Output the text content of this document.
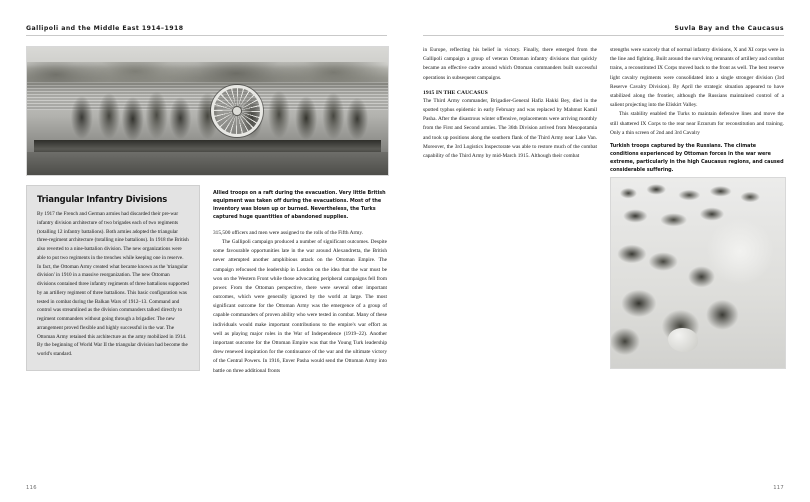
Gallipoli and the Middle East 1914–1918
Triangular Infantry Divisions

By 1917 the French and German armies had discarded their pre-war infantry division architecture of two brigades each of two regiments (totalling 12 infantry battalions). Both armies adopted the triangular three-regiment architecture (totalling nine battalions). In 1918 the British also reverted to a nine-battalion division. The new organizations were able to put two regiments in the trenches while keeping one in reserve. In fact, the Ottoman Army created what became known as the 'triangular division' in 1910 in a massive reorganization. The new Ottoman divisions contained three infantry regiments of three battalions supported by an artillery regiment of three battalions. This basic configuration was tested in combat during the Balkan Wars of 1912–13. Command and control was streamlined as the division commanders talked directly to regiment commanders without going through a brigadier. The new arrangement proved flexible and highly successful in the war. The Ottoman Army retained this architecture as the army mobilized in 1914. By the beginning of World War II the triangular division had become the world's standard.

Allied troops on a raft during the evacuation. Very little British equipment was taken off during the evacuations. Most of the inventory was blown up or burned. Nevertheless, the Turks captured huge quantities of abandoned supplies.

315,500 officers and men were assigned to the rolls of the Fifth Army.

The Gallipoli campaign produced a number of significant outcomes. Despite some favourable opportunities late in the war around Alexandretta, the British never attempted another amphibious attack on the Ottoman Empire. The campaign refocused the leadership in London on the idea that the war must be won on the Western Front while those advocating peripheral campaigns fell from power. From the Ottoman perspective, there were several other important outcomes, which were generally ignored by the world at large. The most significant outcome for the Ottoman Army was the emergence of a group of capable commanders of proven ability who were tested in combat. Many of these individuals would make important contributions to the empire's war effort as well as playing major roles in the War of Independence (1919–22). Another important outcome for the Ottoman Empire was that the Young Turk leadership drew renewed inspiration for the continuance of the war and the ultimate victory of the Central Powers. In 1916, Enver Pasha would send the Ottoman Army into battle on three additional fronts

116
Suvla Bay and the Caucasus

in Europe, reflecting his belief in victory. Finally, there emerged from the Gallipoli campaign a group of veteran Ottoman infantry divisions that quickly became an effective cadre around which Ottoman commanders built successful operations in subsequent campaigns.

1915 IN THE CAUCASUS

The Third Army commander, Brigadier-General Hafiz Hakki Bey, died in the spotted typhus epidemic in early February and was replaced by Mahmut Kamil Pasha. After the disastrous winter offensive, replacements were arriving monthly from the First and Second armies. The 36th Division arrived from Mesopotamia and took up positions along the southern flank of the Third Army near Lake Van. Moreover, the 3rd Logistics Inspectorate was able to restore much of the combat capability of the Third Army by mid-March 1915. Although their combat

strengths were scarcely that of normal infantry divisions, X and XI corps were in the line and fighting. Built around the surviving remnants of artillery and combat trains, a reconstituted IX Corps moved back to the front as well. The best reserve light cavalry regiments were consolidated into a single stronger division (3rd Reserve Cavalry Division). By April the strategic situation appeared to have stabilized along the frontier, although the Russians maintained control of a salient projecting into the Eliskirt Valley.

This stability enabled the Turks to maintain defensive lines and move the still shattered IX Corps to the rear near Erzurum for reconstitution and training. Only a thin screen of 2nd and 3rd Cavalry

Turkish troops captured by the Russians. The climate conditions experienced by Ottoman forces in the war were extreme, particularly in the high Caucasus regions, and caused considerable suffering.
117
